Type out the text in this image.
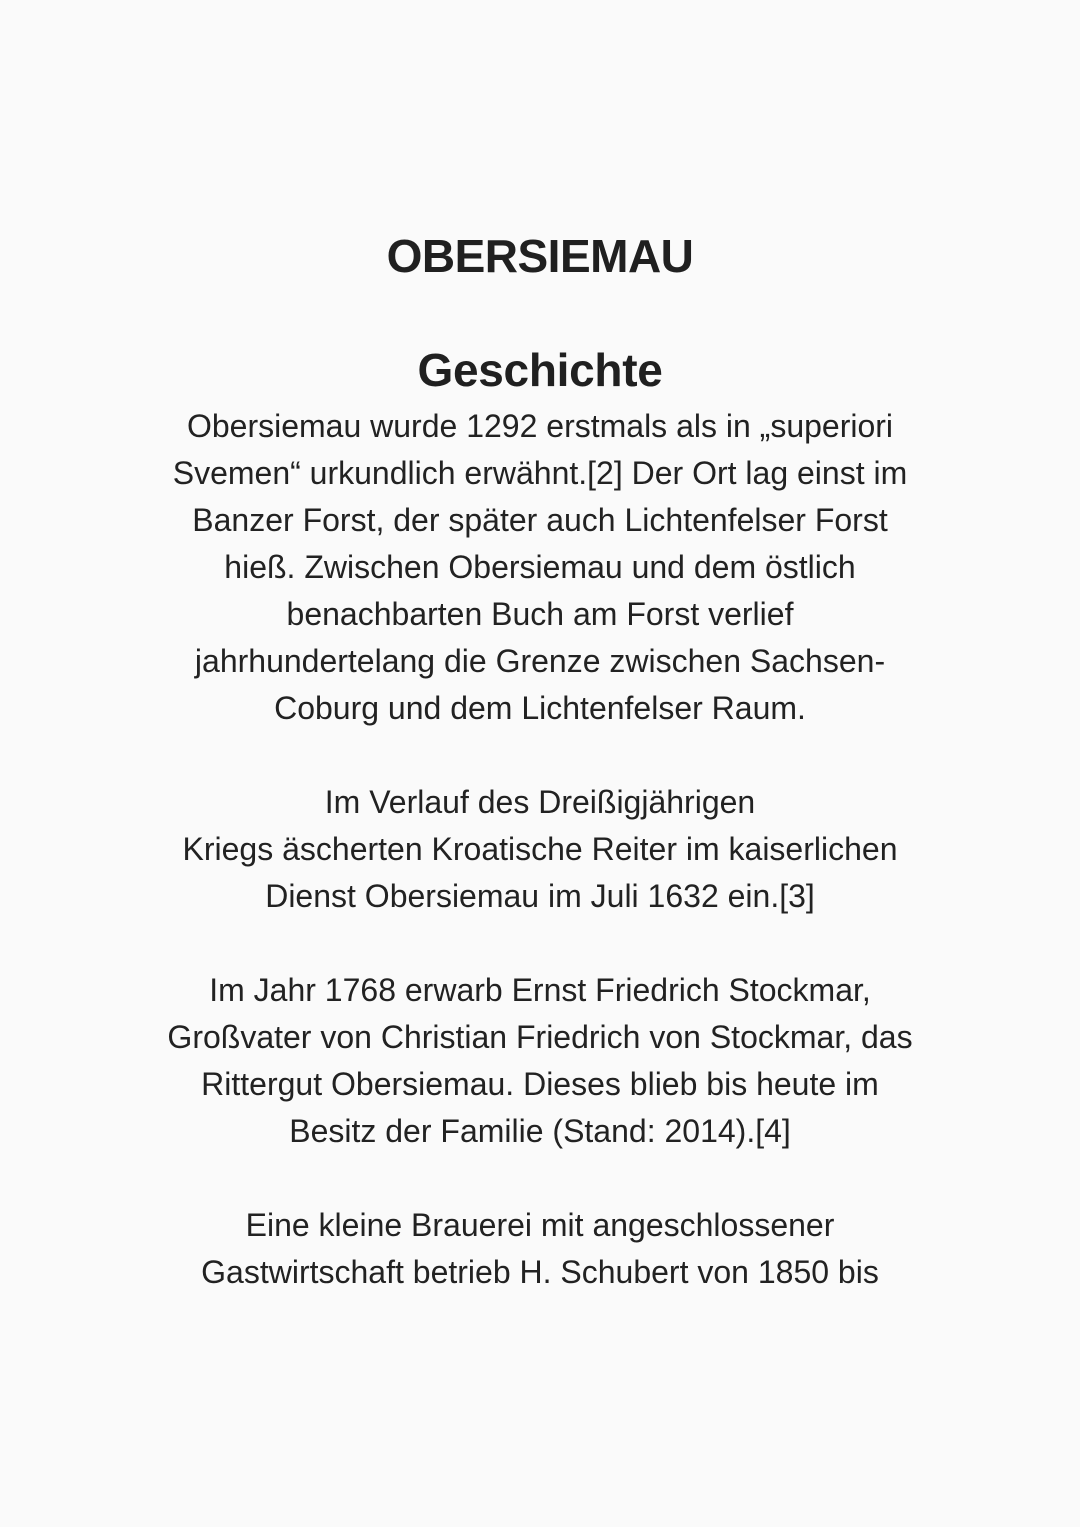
OBERSIEMAU
Geschichte

Obersiemau wurde 1292 erstmals als in „superiori
Svemen“ urkundlich erwähnt.[2] Der Ort lag einst im
Banzer Forst, der später auch Lichtenfelser Forst
hieß. Zwischen Obersiemau und dem östlich
benachbarten Buch am Forst verlief
jahrhundertelang die Grenze zwischen Sachsen-
Coburg und dem Lichtenfelser Raum.

Im Verlauf des Dreißigjährigen
Kriegs äscherten Kroatische Reiter im kaiserlichen
Dienst Obersiemau im Juli 1632 ein.[3]

Im Jahr 1768 erwarb Ernst Friedrich Stockmar,
Großvater von Christian Friedrich von Stockmar, das
Rittergut Obersiemau. Dieses blieb bis heute im
Besitz der Familie (Stand: 2014).[4]

Eine kleine Brauerei mit angeschlossener
Gastwirtschaft betrieb H. Schubert von 1850 bis
